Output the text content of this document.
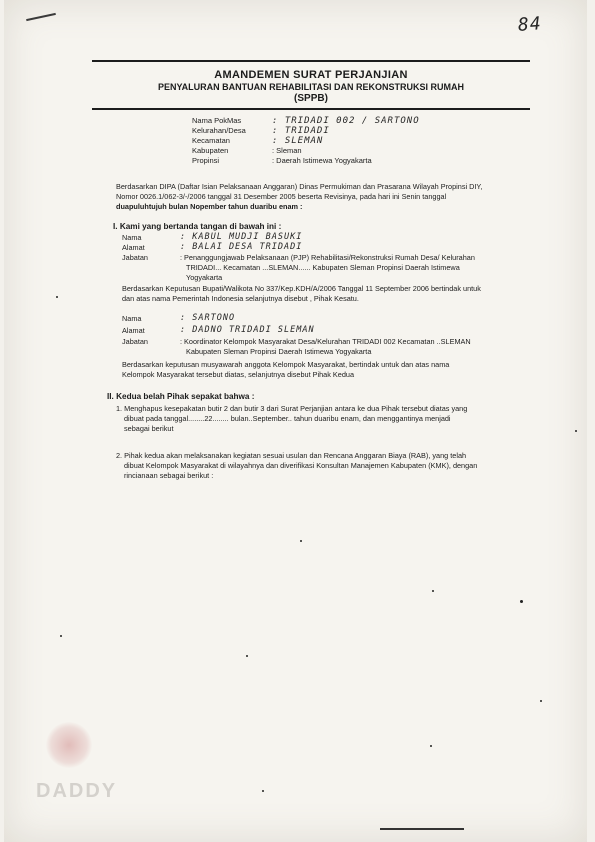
84
AMANDEMEN SURAT PERJANJIAN
PENYALURAN BANTUAN REHABILITASI DAN REKONSTRUKSI RUMAH
(SPPB)
Nama PokMas	: TRIDADI 002 / SARTONO
Kelurahan/Desa	: TRIDADI
Kecamatan	: SLEMAN
Kabupaten	: Sleman
Propinsi	: Daerah Istimewa Yogyakarta
Berdasarkan DIPA (Daftar Isian Pelaksanaan Anggaran) Dinas Permukiman dan Prasarana Wilayah Propinsi DIY,
Nomor 0026.1/062-3/-/2006 tanggal 31 Desember 2005 beserta Revisinya, pada hari ini Senin tanggal
duapuluhtujuh bulan Nopember tahun duaribu enam :
I. Kami yang bertanda tangan di bawah ini :
Nama	: KABUL MUDJI BASUKI
Alamat	: BALAI DESA TRIDADI
Jabatan	: Penanggungjawab Pelaksanaan (PJP) Rehabilitasi/Rekonstruksi Rumah Desa/ Kelurahan
TRIDADI... Kecamatan ...SLEMAN...... Kabupaten Sleman Propinsi Daerah Istimewa
Yogyakarta
Berdasarkan Keputusan Bupati/Walikota No 337/Kep.KDH/A/2006 Tanggal 11 September 2006 bertindak untuk
dan atas nama Pemerintah Indonesia selanjutnya disebut , Pihak Kesatu.
Nama	: SARTONO
Alamat	: DADNO TRIDADI SLEMAN
Jabatan	: Koordinator Kelompok Masyarakat Desa/Kelurahan TRIDADI 002 Kecamatan ..SLEMAN
Kabupaten Sleman Propinsi Daerah Istimewa Yogyakarta
Berdasarkan keputusan musyawarah anggota Kelompok Masyarakat, bertindak untuk dan atas nama
Kelompok Masyarakat tersebut diatas, selanjutnya disebut Pihak Kedua
II. Kedua belah Pihak sepakat bahwa :
1. Menghapus kesepakatan butir 2 dan butir 3 dari Surat Perjanjian antara ke dua Pihak tersebut diatas yang
dibuat pada tanggal........22........ bulan..September.. tahun duaribu enam, dan menggantinya menjadi
sebagai berikut
2. Pihak kedua akan melaksanakan kegiatan sesuai usulan dan Rencana Anggaran Biaya (RAB), yang telah
dibuat Kelompok Masyarakat di wilayahnya dan diverifikasi Konsultan Manajemen Kabupaten (KMK), dengan
rincianaan sebagai berikut :
DADDY
